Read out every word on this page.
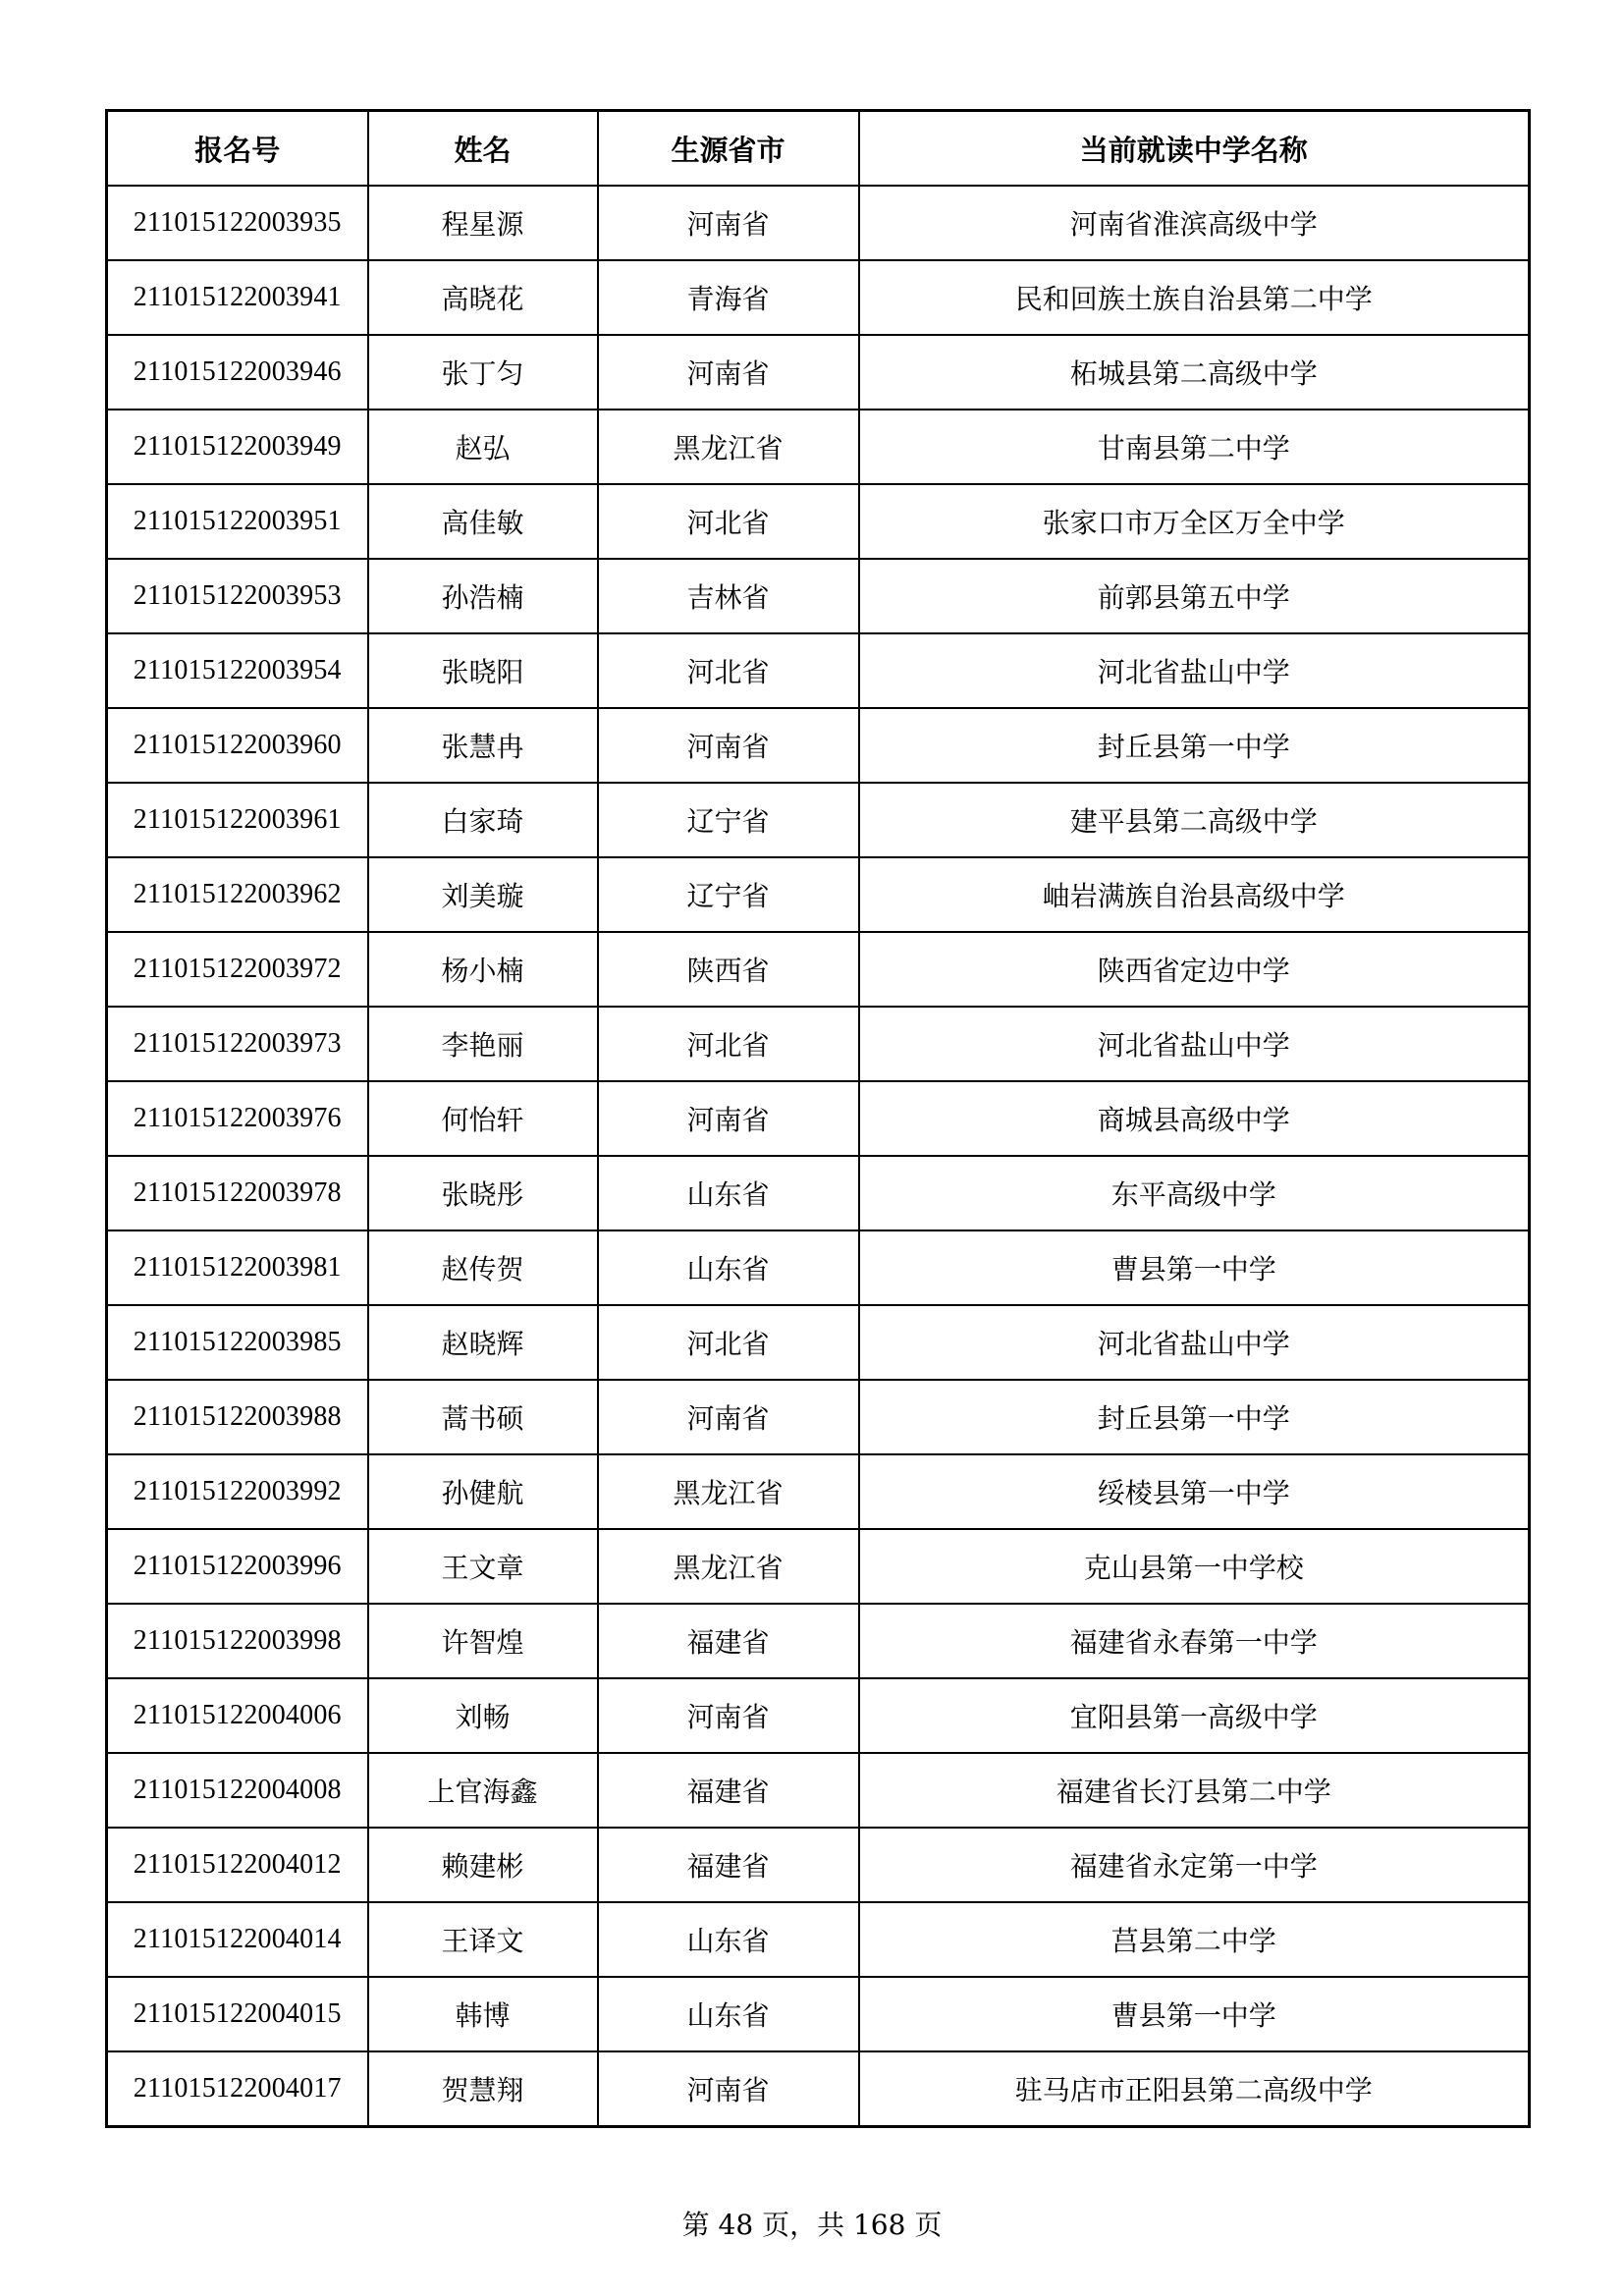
报名号	姓名	生源省市	当前就读中学名称
211015122003935	程星源	河南省	河南省淮滨高级中学
211015122003941	高晓花	青海省	民和回族土族自治县第二中学
211015122003946	张丁匀	河南省	柘城县第二高级中学
211015122003949	赵弘	黑龙江省	甘南县第二中学
211015122003951	高佳敏	河北省	张家口市万全区万全中学
211015122003953	孙浩楠	吉林省	前郭县第五中学
211015122003954	张晓阳	河北省	河北省盐山中学
211015122003960	张慧冉	河南省	封丘县第一中学
211015122003961	白家琦	辽宁省	建平县第二高级中学
211015122003962	刘美璇	辽宁省	岫岩满族自治县高级中学
211015122003972	杨小楠	陕西省	陕西省定边中学
211015122003973	李艳丽	河北省	河北省盐山中学
211015122003976	何怡轩	河南省	商城县高级中学
211015122003978	张晓彤	山东省	东平高级中学
211015122003981	赵传贺	山东省	曹县第一中学
211015122003985	赵晓辉	河北省	河北省盐山中学
211015122003988	蒿书硕	河南省	封丘县第一中学
211015122003992	孙健航	黑龙江省	绥棱县第一中学
211015122003996	王文章	黑龙江省	克山县第一中学校
211015122003998	许智煌	福建省	福建省永春第一中学
211015122004006	刘畅	河南省	宜阳县第一高级中学
211015122004008	上官海鑫	福建省	福建省长汀县第二中学
211015122004012	赖建彬	福建省	福建省永定第一中学
211015122004014	王译文	山东省	莒县第二中学
211015122004015	韩博	山东省	曹县第一中学
211015122004017	贺慧翔	河南省	驻马店市正阳县第二高级中学
第 48 页，共 168 页
